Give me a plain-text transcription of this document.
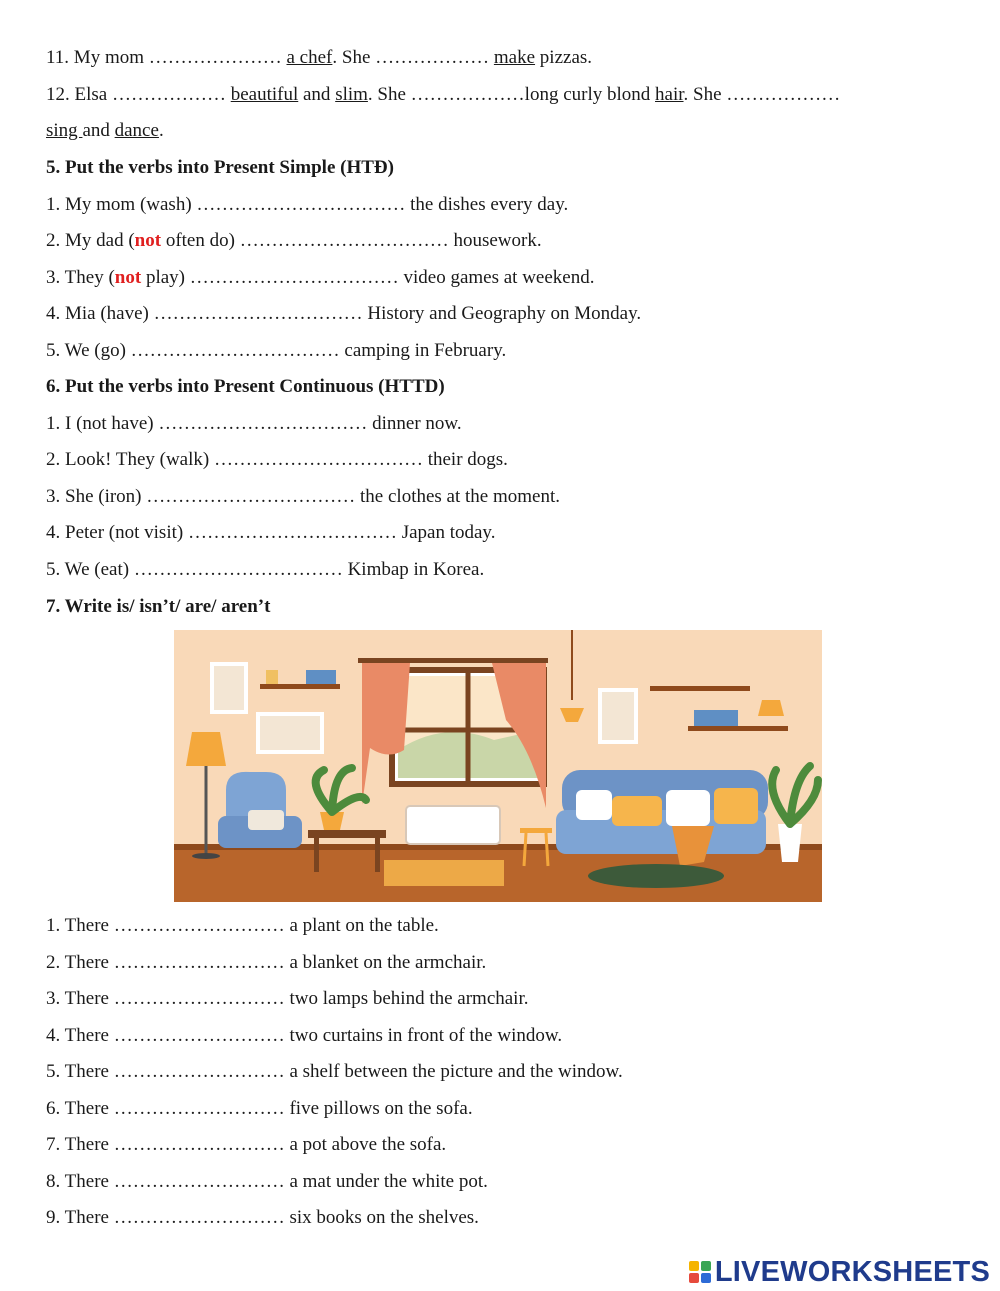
11. My mom ………………… a chef. She ……………… make pizzas.
12. Elsa ……………… beautiful and slim. She ………………long curly blond hair. She ………………
sing and dance.
5. Put the verbs into Present Simple (HTĐ)
1. My mom (wash) …………………………… the dishes every day.
2. My dad (not often do) …………………………… housework.
3. They (not play) …………………………… video games at weekend.
4. Mia (have) …………………………… History and Geography on Monday.
5. We (go) …………………………… camping in February.
6. Put the verbs into Present Continuous (HTTD)
1. I (not have) …………………………… dinner now.
2. Look! They (walk) …………………………… their dogs.
3. She (iron) …………………………… the clothes at the moment.
4. Peter (not visit) …………………………… Japan today.
5. We (eat) …………………………… Kimbap in Korea.
7. Write is/ isn’t/ are/ aren’t
1. There ……………………… a plant on the table.
2. There ……………………… a blanket on the armchair.
3. There ……………………… two lamps behind the armchair.
4. There ……………………… two curtains in front of the window.
5. There ……………………… a shelf between the picture and the window.
6. There ……………………… five pillows on the sofa.
7. There ……………………… a pot above the sofa.
8. There ……………………… a mat under the white pot.
9. There ……………………… six books on the shelves.
LIVEWORKSHEETS
